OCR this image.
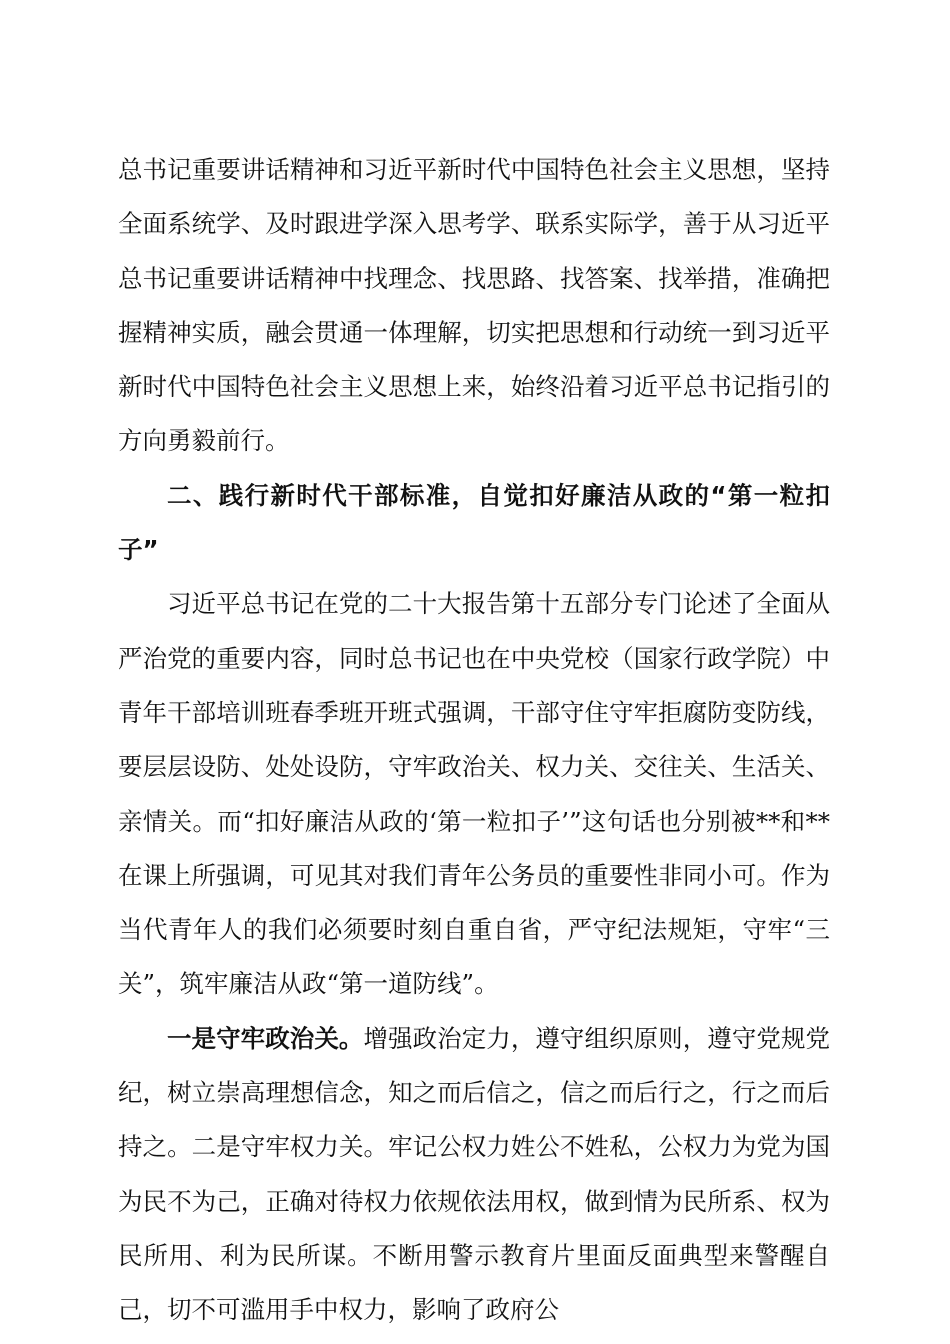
总书记重要讲话精神和习近平新时代中国特色社会主义思想，坚持全面系统学、及时跟进学深入思考学、联系实际学，善于从习近平总书记重要讲话精神中找理念、找思路、找答案、找举措，准确把握精神实质，融会贯通一体理解，切实把思想和行动统一到习近平新时代中国特色社会主义思想上来，始终沿着习近平总书记指引的方向勇毅前行。

二、践行新时代干部标准，自觉扣好廉洁从政的“第一粒扣子”

习近平总书记在党的二十大报告第十五部分专门论述了全面从严治党的重要内容，同时总书记也在中央党校（国家行政学院）中青年干部培训班春季班开班式强调，干部守住守牢拒腐防变防线，要层层设防、处处设防，守牢政治关、权力关、交往关、生活关、亲情关。而“扣好廉洁从政的‘第一粒扣子’”这句话也分别被**和**在课上所强调，可见其对我们青年公务员的重要性非同小可。作为当代青年人的我们必须要时刻自重自省，严守纪法规矩，守牢“三关”，筑牢廉洁从政“第一道防线”。

一是守牢政治关。增强政治定力，遵守组织原则，遵守党规党纪，树立崇高理想信念，知之而后信之，信之而后行之，行之而后持之。二是守牢权力关。牢记公权力姓公不姓私，公权力为党为国为民不为己，正确对待权力依规依法用权，做到情为民所系、权为民所用、利为民所谋。不断用警示教育片里面反面典型来警醒自己，切不可滥用手中权力，影响了政府公
